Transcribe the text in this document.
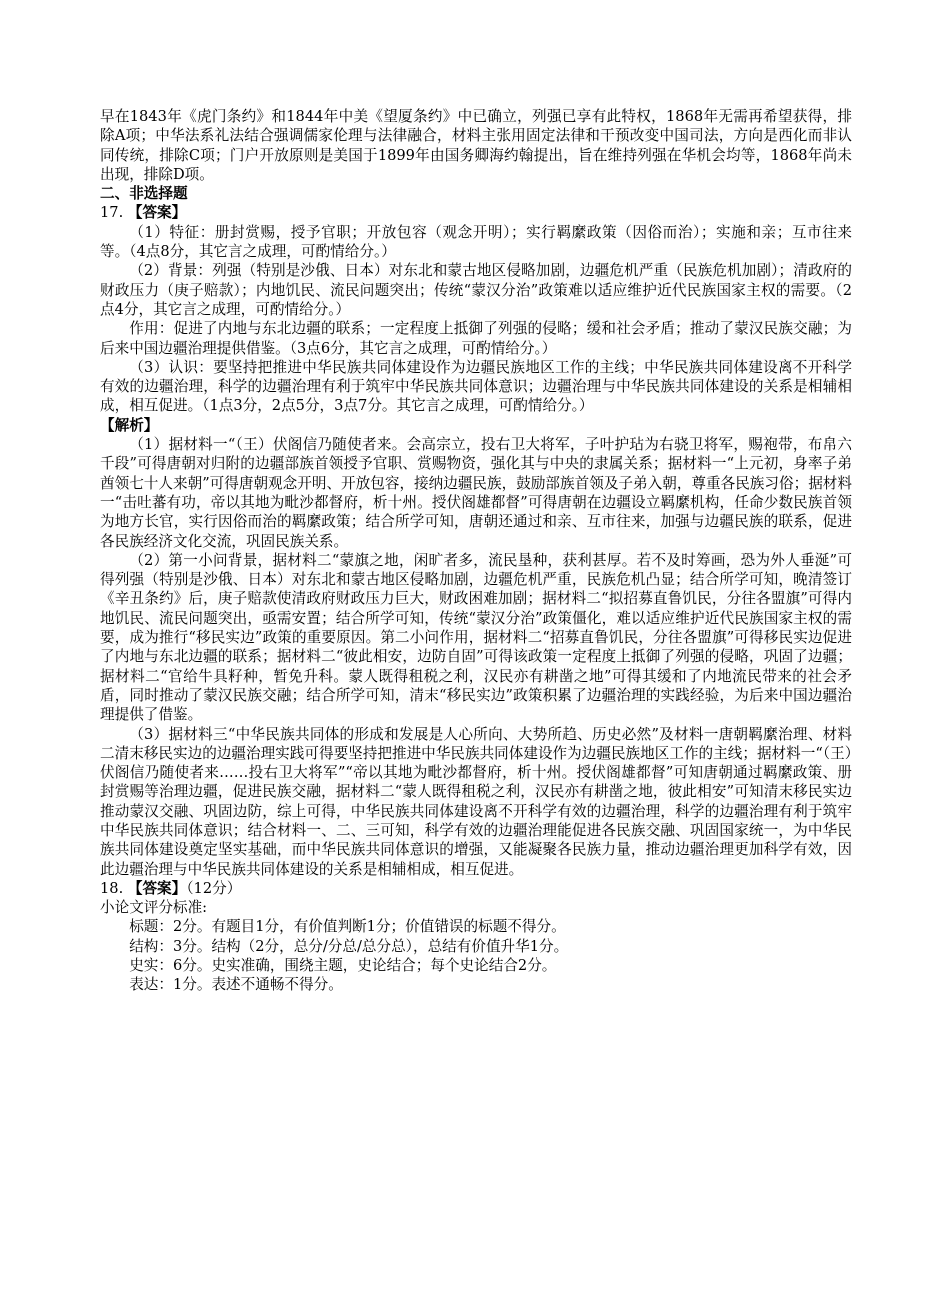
早在1843年《虎门条约》和1844年中美《望厦条约》中已确立，列强已享有此特权，1868年无需再希望获得，排除A项；中华法系礼法结合强调儒家伦理与法律融合，材料主张用固定法律和干预改变中国司法，方向是西化而非认同传统，排除C项；门户开放原则是美国于1899年由国务卿海约翰提出，旨在维持列强在华机会均等，1868年尚未出现，排除D项。

二、非选择题

17. 【答案】

（1）特征：册封赏赐，授予官职；开放包容（观念开明）；实行羁縻政策（因俗而治）；实施和亲；互市往来等。（4点8分，其它言之成理，可酌情给分。）

（2）背景：列强（特别是沙俄、日本）对东北和蒙古地区侵略加剧，边疆危机严重（民族危机加剧）；清政府的财政压力（庚子赔款）；内地饥民、流民问题突出；传统“蒙汉分治”政策难以适应维护近代民族国家主权的需要。（2点4分，其它言之成理，可酌情给分。）

作用：促进了内地与东北边疆的联系；一定程度上抵御了列强的侵略；缓和社会矛盾；推动了蒙汉民族交融；为后来中国边疆治理提供借鉴。（3点6分，其它言之成理，可酌情给分。）

（3）认识：要坚持把推进中华民族共同体建设作为边疆民族地区工作的主线；中华民族共同体建设离不开科学有效的边疆治理，科学的边疆治理有利于筑牢中华民族共同体意识；边疆治理与中华民族共同体建设的关系是相辅相成，相互促进。（1点3分，2点5分，3点7分。其它言之成理，可酌情给分。）

【解析】

（1）据材料一“（王）伏阁信乃随使者来。会高宗立，投右卫大将军，子叶护玷为右骁卫将军，赐袍带，布帛六千段”可得唐朝对归附的边疆部族首领授予官职、赏赐物资，强化其与中央的隶属关系；据材料一“上元初，身率子弟酋领七十人来朝”可得唐朝观念开明、开放包容，接纳边疆民族，鼓励部族首领及子弟入朝，尊重各民族习俗；据材料一“击吐蕃有功，帝以其地为毗沙都督府，析十州。授伏阁雄都督”可得唐朝在边疆设立羁縻机构，任命少数民族首领为地方长官，实行因俗而治的羁縻政策；结合所学可知，唐朝还通过和亲、互市往来，加强与边疆民族的联系，促进各民族经济文化交流，巩固民族关系。

（2）第一小问背景，据材料二“蒙旗之地，闲旷者多，流民垦种，获利甚厚。若不及时筹画，恐为外人垂涎”可得列强（特别是沙俄、日本）对东北和蒙古地区侵略加剧，边疆危机严重，民族危机凸显；结合所学可知，晚清签订《辛丑条约》后，庚子赔款使清政府财政压力巨大，财政困难加剧；据材料二“拟招募直鲁饥民，分往各盟旗”可得内地饥民、流民问题突出，亟需安置；结合所学可知，传统“蒙汉分治”政策僵化，难以适应维护近代民族国家主权的需要，成为推行“移民实边”政策的重要原因。第二小问作用，据材料二“招募直鲁饥民，分往各盟旗”可得移民实边促进了内地与东北边疆的联系；据材料二“彼此相安，边防自固”可得该政策一定程度上抵御了列强的侵略，巩固了边疆；据材料二“官给牛具籽种，暂免升科。蒙人既得租税之利，汉民亦有耕凿之地”可得其缓和了内地流民带来的社会矛盾，同时推动了蒙汉民族交融；结合所学可知，清末“移民实边”政策积累了边疆治理的实践经验，为后来中国边疆治理提供了借鉴。

（3）据材料三“中华民族共同体的形成和发展是人心所向、大势所趋、历史必然”及材料一唐朝羁縻治理、材料二清末移民实边的边疆治理实践可得要坚持把推进中华民族共同体建设作为边疆民族地区工作的主线；据材料一“（王）伏阁信乃随使者来……投右卫大将军”“帝以其地为毗沙都督府，析十州。授伏阁雄都督”可知唐朝通过羁縻政策、册封赏赐等治理边疆，促进民族交融，据材料二“蒙人既得租税之利，汉民亦有耕凿之地，彼此相安”可知清末移民实边推动蒙汉交融、巩固边防，综上可得，中华民族共同体建设离不开科学有效的边疆治理，科学的边疆治理有利于筑牢中华民族共同体意识；结合材料一、二、三可知，科学有效的边疆治理能促进各民族交融、巩固国家统一，为中华民族共同体建设奠定坚实基础，而中华民族共同体意识的增强，又能凝聚各民族力量，推动边疆治理更加科学有效，因此边疆治理与中华民族共同体建设的关系是相辅相成，相互促进。

18. 【答案】（12分）

小论文评分标准:

标题：2分。有题目1分，有价值判断1分；价值错误的标题不得分。

结构：3分。结构（2分，总分/分总/总分总），总结有价值升华1分。

史实：6分。史实准确，围绕主题，史论结合；每个史论结合2分。

表达：1分。表述不通畅不得分。
